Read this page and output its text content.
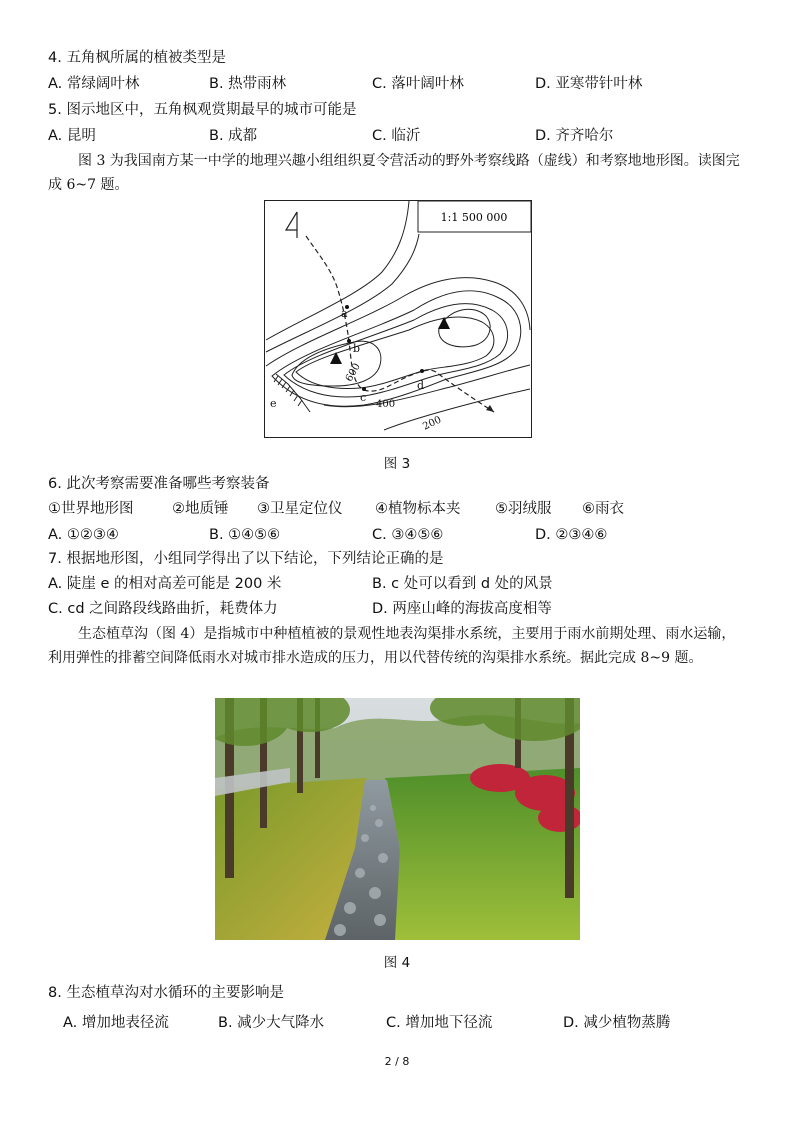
4. 五角枫所属的植被类型是
A. 常绿阔叶林	B. 热带雨林	C. 落叶阔叶林	D. 亚寒带针叶林
5. 图示地区中，五角枫观赏期最早的城市可能是
A. 昆明	B. 成都	C. 临沂	D. 齐齐哈尔
图 3 为我国南方某一中学的地理兴趣小组组织夏令营活动的野外考察线路（虚线）和考察地地形图。读图完成 6~7 题。
1:1 500 000
a
b
c
d
e
600
400
200
图 3
6. 此次考察需要准备哪些考察装备
①世界地形图	②地质锤 ③卫星定位仪 ④植物标本夹 ⑤羽绒服 ⑥雨衣
A. ①②③④	B. ①④⑤⑥	C. ③④⑤⑥	D. ②③④⑥
7. 根据地形图，小组同学得出了以下结论，下列结论正确的是
A. 陡崖 e 的相对高差可能是 200 米	B. c 处可以看到 d 处的风景
C. cd 之间路段线路曲折，耗费体力	D. 两座山峰的海拔高度相等
生态植草沟（图 4）是指城市中种植植被的景观性地表沟渠排水系统，主要用于雨水前期处理、雨水运输，利用弹性的排蓄空间降低雨水对城市排水造成的压力，用以代替传统的沟渠排水系统。据此完成 8~9 题。
图 4
8. 生态植草沟对水循环的主要影响是
A. 增加地表径流	B. 减少大气降水	C. 增加地下径流	D. 减少植物蒸腾
2 / 8
